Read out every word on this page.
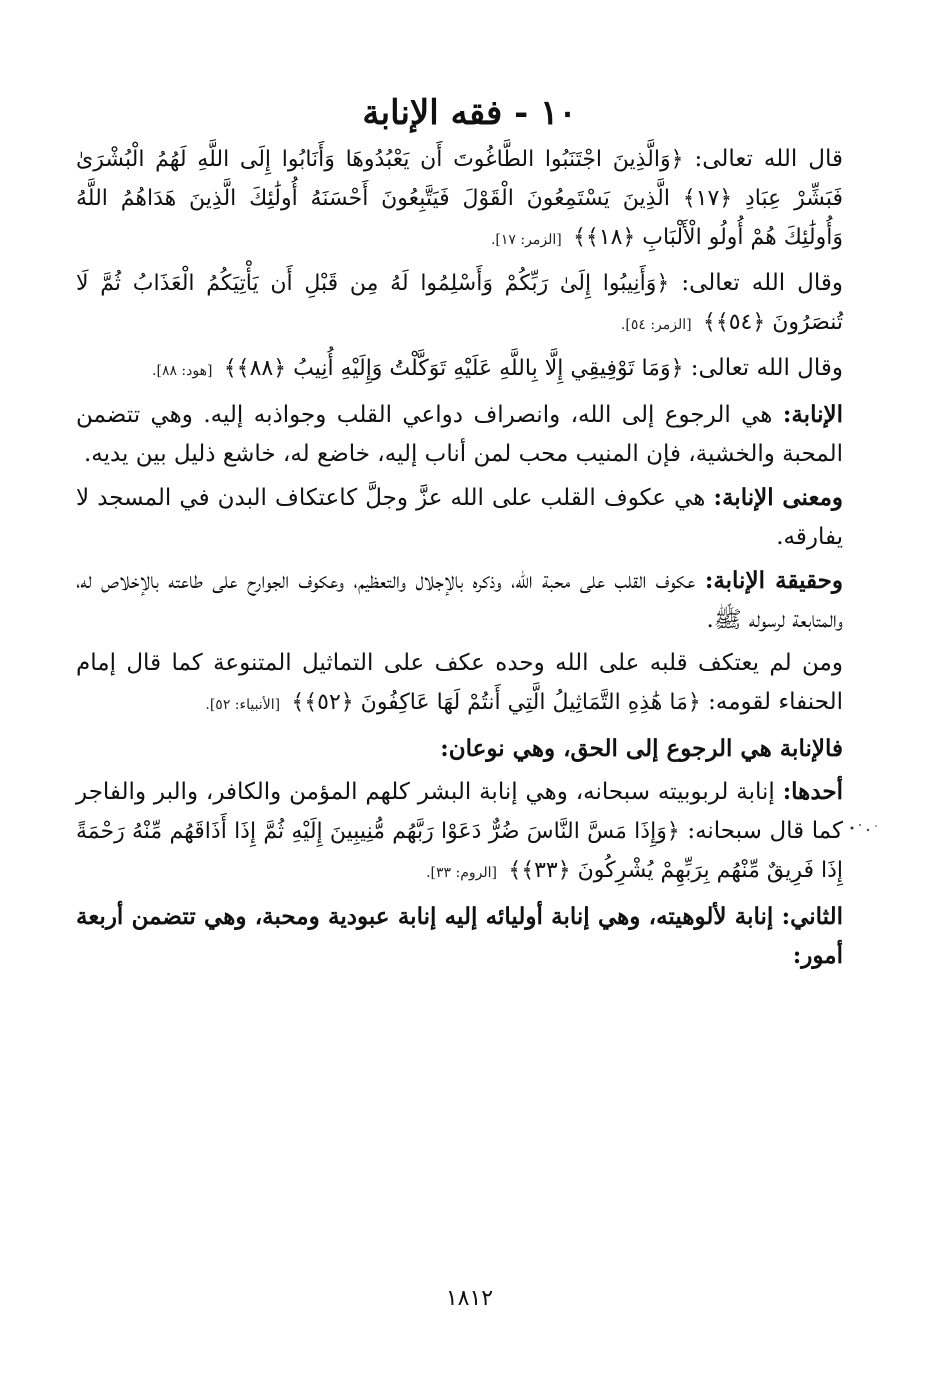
١٠ - فقه الإنابة

قال الله تعالى: ﴿وَالَّذِينَ اجْتَنَبُوا الطَّاغُوتَ أَن يَعْبُدُوهَا وَأَنَابُوا إِلَى اللَّهِ لَهُمُ الْبُشْرَىٰ فَبَشِّرْ عِبَادِ ﴿١٧﴾ الَّذِينَ يَسْتَمِعُونَ الْقَوْلَ فَيَتَّبِعُونَ أَحْسَنَهُ أُولَٰئِكَ الَّذِينَ هَدَاهُمُ اللَّهُ وَأُولَٰئِكَ هُمْ أُولُو الْأَلْبَابِ ﴿١٨﴾﴾ [الزمر: ١٧].

وقال الله تعالى: ﴿وَأَنِيبُوا إِلَىٰ رَبِّكُمْ وَأَسْلِمُوا لَهُ مِن قَبْلِ أَن يَأْتِيَكُمُ الْعَذَابُ ثُمَّ لَا تُنصَرُونَ ﴿٥٤﴾﴾ [الزمر: ٥٤].

وقال الله تعالى: ﴿وَمَا تَوْفِيقِي إِلَّا بِاللَّهِ عَلَيْهِ تَوَكَّلْتُ وَإِلَيْهِ أُنِيبُ ﴿٨٨﴾﴾ [هود: ٨٨].

الإنابة: هي الرجوع إلى الله، وانصراف دواعي القلب وجواذبه إليه. وهي تتضمن المحبة والخشية، فإن المنيب محب لمن أناب إليه، خاضع له، خاشع ذليل بين يديه.

ومعنى الإنابة: هي عكوف القلب على الله عزَّ وجلَّ كاعتكاف البدن في المسجد لا يفارقه.

وحقيقة الإنابة: عكوف القلب على محبة الله، وذكره بالإجلال والتعظيم، وعكوف الجوارح على طاعته بالإخلاص له، والمتابعة لرسوله ﷺ.

ومن لم يعتكف قلبه على الله وحده عكف على التماثيل المتنوعة كما قال إمام الحنفاء لقومه: ﴿مَا هَٰذِهِ التَّمَاثِيلُ الَّتِي أَنتُمْ لَهَا عَاكِفُونَ ﴿٥٢﴾﴾ [الأنبياء: ٥٢].

فالإنابة هي الرجوع إلى الحق، وهي نوعان:

أحدها: إنابة لربوبيته سبحانه، وهي إنابة البشر كلهم المؤمن والكافر، والبر والفاجر كما قال سبحانه: ﴿وَإِذَا مَسَّ النَّاسَ ضُرٌّ دَعَوْا رَبَّهُم مُّنِيبِينَ إِلَيْهِ ثُمَّ إِذَا أَذَاقَهُم مِّنْهُ رَحْمَةً إِذَا فَرِيقٌ مِّنْهُم بِرَبِّهِمْ يُشْرِكُونَ ﴿٣٣﴾﴾ [الروم: ٣٣].

الثاني: إنابة لألوهيته، وهي إنابة أوليائه إليه إنابة عبودية ومحبة، وهي تتضمن أربعة أمور:

١٨١٢
